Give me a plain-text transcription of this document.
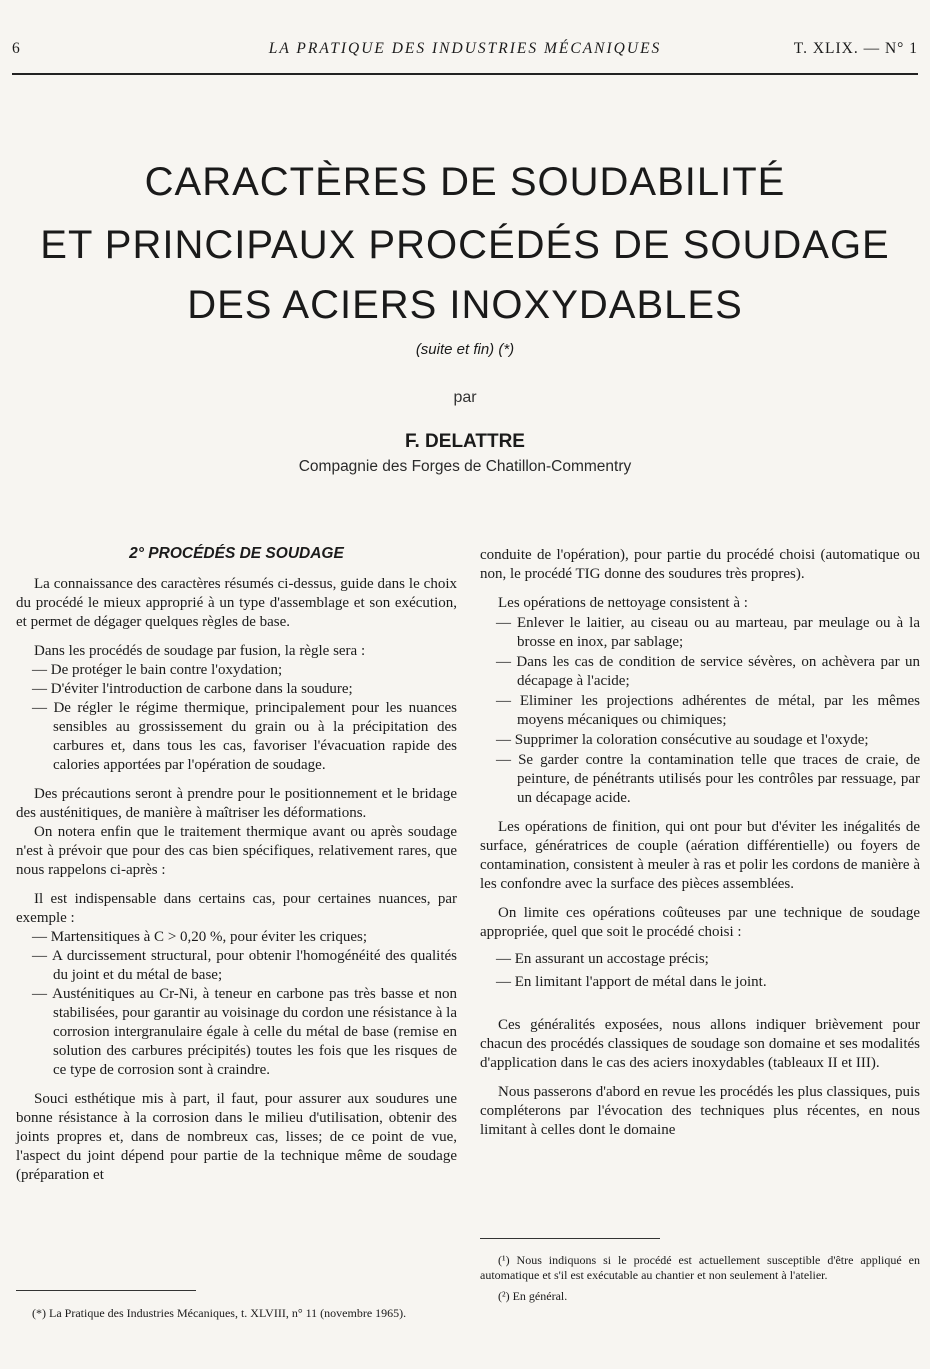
6	LA PRATIQUE DES INDUSTRIES MÉCANIQUES	T. XLIX. — N° 1
CARACTÈRES DE SOUDABILITÉ
ET PRINCIPAUX PROCÉDÉS DE SOUDAGE
DES ACIERS INOXYDABLES
(suite et fin) (*)
par
F. DELATTRE
Compagnie des Forges de Chatillon-Commentry

2° PROCÉDÉS DE SOUDAGE

La connaissance des caractères résumés ci-dessus, guide dans le choix du procédé le mieux approprié à un type d'assemblage et son exécution, et permet de dégager quelques règles de base.

Dans les procédés de soudage par fusion, la règle sera :

— De protéger le bain contre l'oxydation;
— D'éviter l'introduction de carbone dans la soudure;
— De régler le régime thermique, principalement pour les nuances sensibles au grossissement du grain ou à la précipitation des carbures et, dans tous les cas, favoriser l'évacuation rapide des calories apportées par l'opération de soudage.

Des précautions seront à prendre pour le positionnement et le bridage des austénitiques, de manière à maîtriser les déformations.

On notera enfin que le traitement thermique avant ou après soudage n'est à prévoir que pour des cas bien spécifiques, relativement rares, que nous rappelons ci-après :

Il est indispensable dans certains cas, pour certaines nuances, par exemple :

— Martensitiques à C > 0,20 %, pour éviter les criques;
— A durcissement structural, pour obtenir l'homogénéité des qualités du joint et du métal de base;
— Austénitiques au Cr-Ni, à teneur en carbone pas très basse et non stabilisées, pour garantir au voisinage du cordon une résistance à la corrosion intergranulaire égale à celle du métal de base (remise en solution des carbures précipités) toutes les fois que les risques de ce type de corrosion sont à craindre.

Souci esthétique mis à part, il faut, pour assurer aux soudures une bonne résistance à la corrosion dans le milieu d'utilisation, obtenir des joints propres et, dans de nombreux cas, lisses; de ce point de vue, l'aspect du joint dépend pour partie de la technique même de soudage (préparation et

conduite de l'opération), pour partie du procédé choisi (automatique ou non, le procédé TIG donne des soudures très propres).

Les opérations de nettoyage consistent à :

— Enlever le laitier, au ciseau ou au marteau, par meulage ou à la brosse en inox, par sablage;
— Dans les cas de condition de service sévères, on achèvera par un décapage à l'acide;
— Eliminer les projections adhérentes de métal, par les mêmes moyens mécaniques ou chimiques;
— Supprimer la coloration consécutive au soudage et l'oxyde;
— Se garder contre la contamination telle que traces de craie, de peinture, de pénétrants utilisés pour les contrôles par ressuage, par un décapage acide.

Les opérations de finition, qui ont pour but d'éviter les inégalités de surface, génératrices de couple (aération différentielle) ou foyers de contamination, consistent à meuler à ras et polir les cordons de manière à les confondre avec la surface des pièces assemblées.

On limite ces opérations coûteuses par une technique de soudage appropriée, quel que soit le procédé choisi :

— En assurant un accostage précis;
— En limitant l'apport de métal dans le joint.

Ces généralités exposées, nous allons indiquer brièvement pour chacun des procédés classiques de soudage son domaine et ses modalités d'application dans le cas des aciers inoxydables (tableaux II et III).

Nous passerons d'abord en revue les procédés les plus classiques, puis compléterons par l'évocation des techniques plus récentes, en nous limitant à celles dont le domaine

(¹) Nous indiquons si le procédé est actuellement susceptible d'être appliqué en automatique et s'il est exécutable au chantier et non seulement à l'atelier.

(²) En général.

(*) La Pratique des Industries Mécaniques, t. XLVIII, n° 11 (novembre 1965).
